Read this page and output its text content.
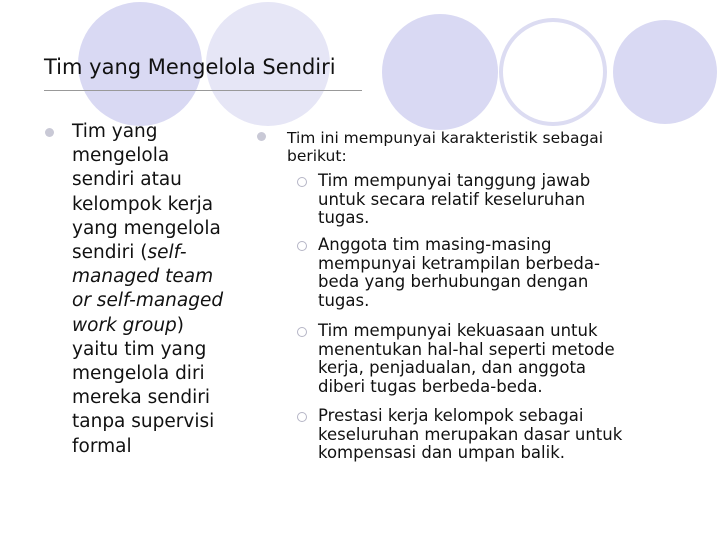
Tim yang Mengelola Sendiri
Tim yang
mengelola
sendiri atau
kelompok kerja
yang mengelola
sendiri (self-
managed team
or self-managed
work group)
yaitu tim yang
mengelola diri
mereka sendiri
tanpa supervisi
formal
Tim ini mempunyai karakteristik sebagai
berikut:
Tim mempunyai tanggung jawab
untuk secara relatif keseluruhan
tugas.
Anggota tim masing-masing
mempunyai ketrampilan berbeda-
beda yang berhubungan dengan
tugas.
Tim mempunyai kekuasaan untuk
menentukan hal-hal seperti metode
kerja, penjadualan, dan anggota
diberi tugas berbeda-beda.
Prestasi kerja kelompok sebagai
keseluruhan merupakan dasar untuk
kompensasi dan umpan balik.
